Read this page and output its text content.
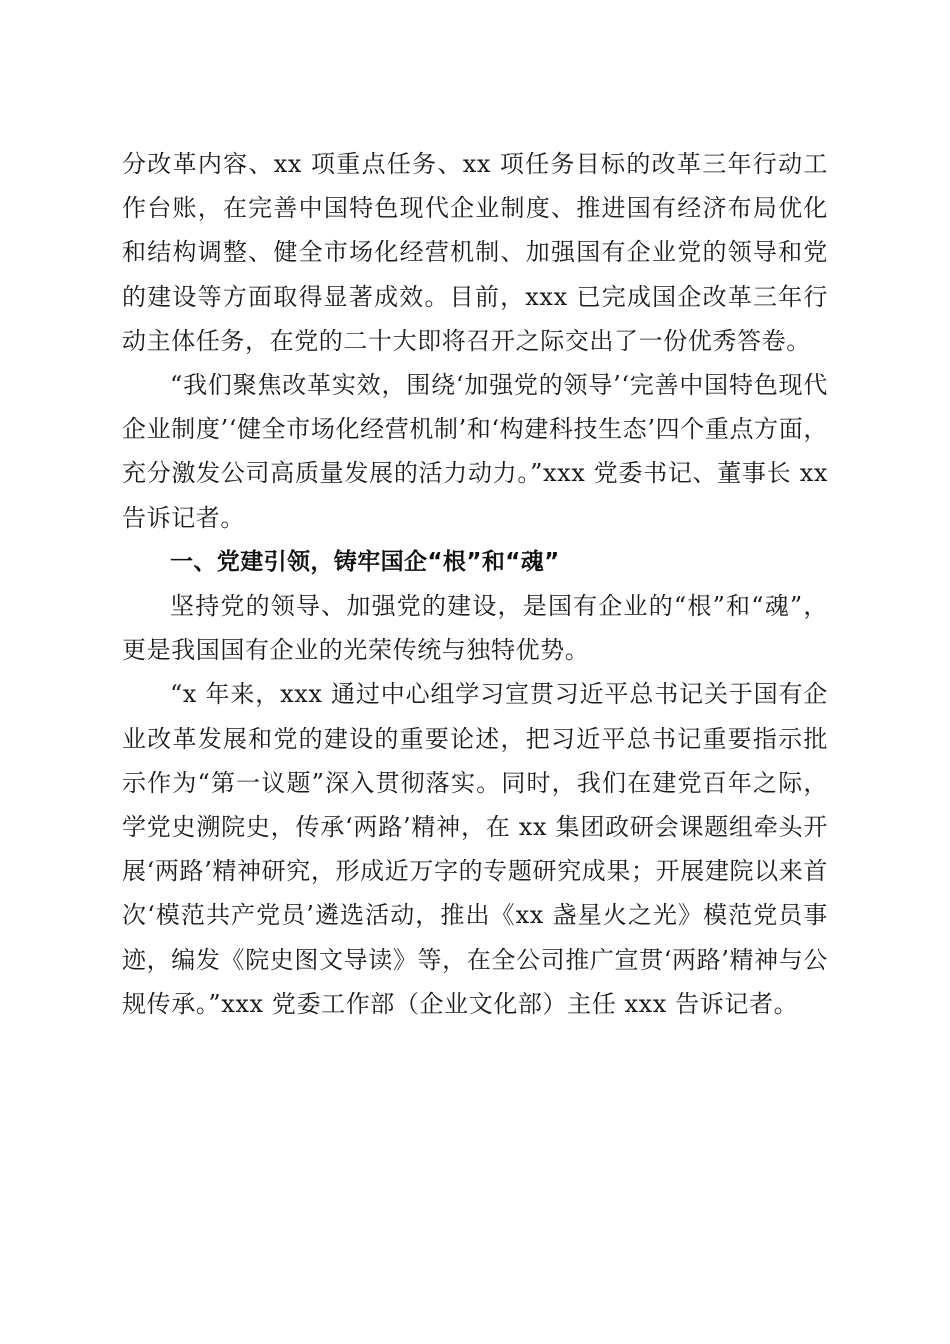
分改革内容、xx 项重点任务、xx 项任务目标的改革三年行动工作台账，在完善中国特色现代企业制度、推进国有经济布局优化和结构调整、健全市场化经营机制、加强国有企业党的领导和党的建设等方面取得显著成效。目前，xxx 已完成国企改革三年行动主体任务，在党的二十大即将召开之际交出了一份优秀答卷。

“我们聚焦改革实效，围绕‘加强党的领导’‘完善中国特色现代企业制度’‘健全市场化经营机制’和‘构建科技生态’四个重点方面，充分激发公司高质量发展的活力动力。”xxx 党委书记、董事长 xx 告诉记者。

一、党建引领，铸牢国企“根”和“魂”

坚持党的领导、加强党的建设，是国有企业的“根”和“魂”，更是我国国有企业的光荣传统与独特优势。

“x 年来，xxx 通过中心组学习宣贯习近平总书记关于国有企业改革发展和党的建设的重要论述，把习近平总书记重要指示批示作为“第一议题”深入贯彻落实。同时，我们在建党百年之际，学党史溯院史，传承‘两路’精神，在 xx 集团政研会课题组牵头开展‘两路’精神研究，形成近万字的专题研究成果；开展建院以来首次‘模范共产党员’遴选活动，推出《xx 盏星火之光》模范党员事迹，编发《院史图文导读》等，在全公司推广宣贯‘两路’精神与公规传承。”xxx 党委工作部（企业文化部）主任 xxx 告诉记者。
